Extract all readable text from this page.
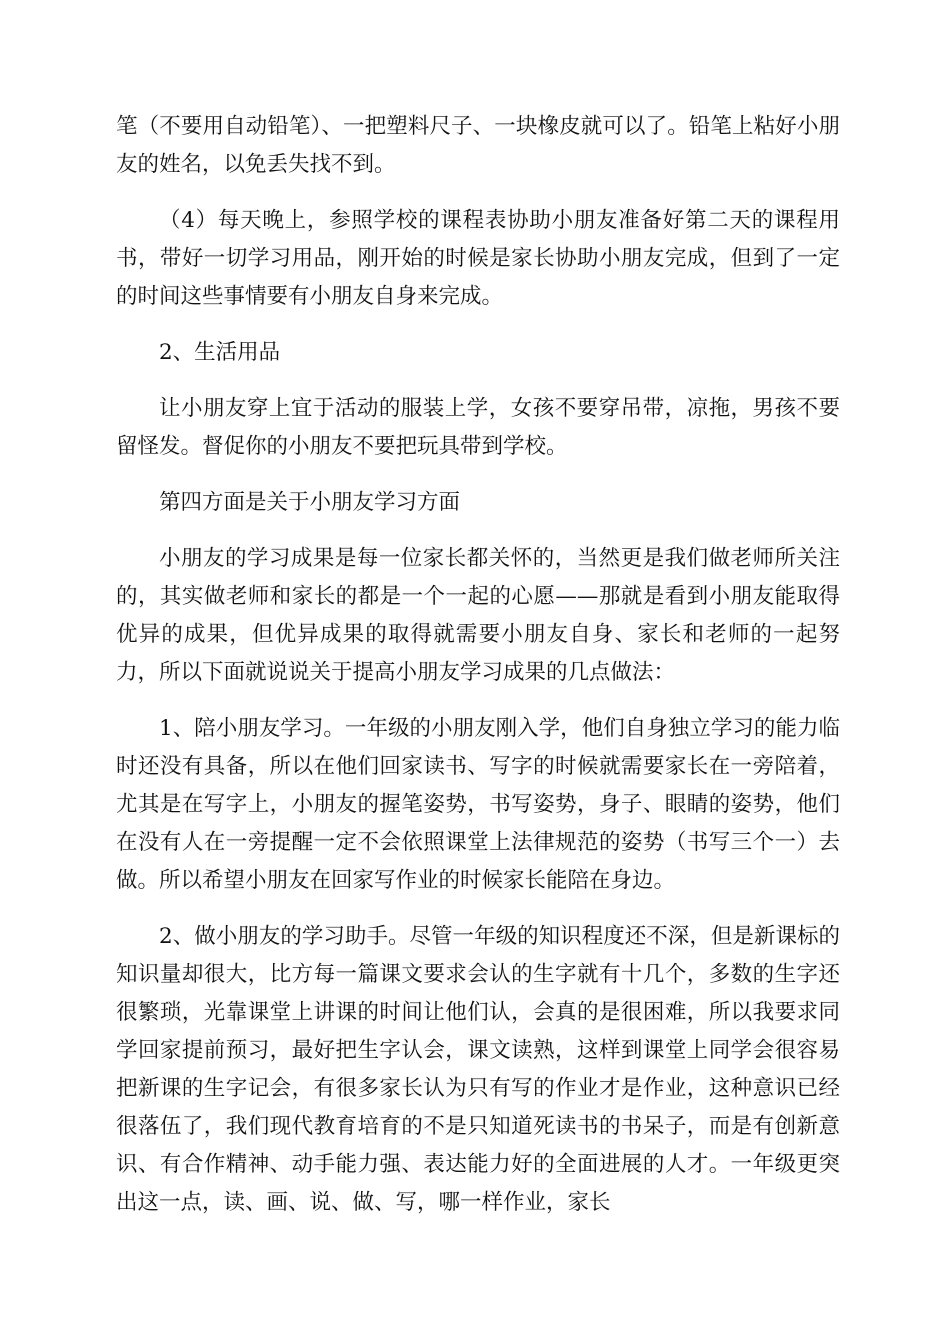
笔（不要用自动铅笔）、一把塑料尺子、一块橡皮就可以了。铅笔上粘好小朋友的姓名，以免丢失找不到。

（4）每天晚上，参照学校的课程表协助小朋友准备好第二天的课程用书，带好一切学习用品，刚开始的时候是家长协助小朋友完成，但到了一定的时间这些事情要有小朋友自身来完成。

2、生活用品

让小朋友穿上宜于活动的服装上学，女孩不要穿吊带，凉拖，男孩不要留怪发。督促你的小朋友不要把玩具带到学校。

第四方面是关于小朋友学习方面

小朋友的学习成果是每一位家长都关怀的，当然更是我们做老师所关注的，其实做老师和家长的都是一个一起的心愿——那就是看到小朋友能取得优异的成果，但优异成果的取得就需要小朋友自身、家长和老师的一起努力，所以下面就说说关于提高小朋友学习成果的几点做法：

1、陪小朋友学习。一年级的小朋友刚入学，他们自身独立学习的能力临时还没有具备，所以在他们回家读书、写字的时候就需要家长在一旁陪着，尤其是在写字上，小朋友的握笔姿势，书写姿势，身子、眼睛的姿势，他们在没有人在一旁提醒一定不会依照课堂上法律规范的姿势（书写三个一）去做。所以希望小朋友在回家写作业的时候家长能陪在身边。

2、做小朋友的学习助手。尽管一年级的知识程度还不深，但是新课标的知识量却很大，比方每一篇课文要求会认的生字就有十几个，多数的生字还很繁琐，光靠课堂上讲课的时间让他们认，会真的是很困难，所以我要求同学回家提前预习，最好把生字认会，课文读熟，这样到课堂上同学会很容易把新课的生字记会，有很多家长认为只有写的作业才是作业，这种意识已经很落伍了，我们现代教育培育的不是只知道死读书的书呆子，而是有创新意识、有合作精神、动手能力强、表达能力好的全面进展的人才。一年级更突出这一点，读、画、说、做、写，哪一样作业，家长
